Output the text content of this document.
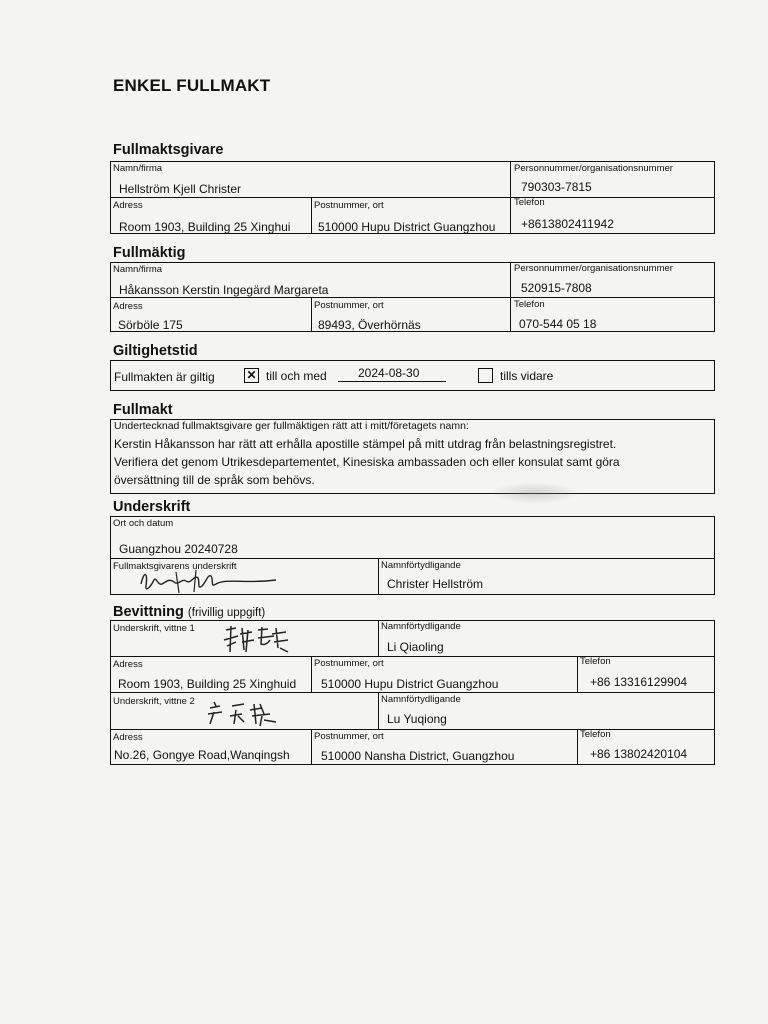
ENKEL FULLMAKT
Fullmaktsgivare
Namn/firma
Hellström Kjell Christer
Personnummer/organisationsnummer
790303-7815
Adress
Room 1903, Building 25 Xinghui
Postnummer, ort
510000 Hupu District Guangzhou
Telefon
+8613802411942
Fullmäktig
Namn/firma
Håkansson Kerstin Ingegärd Margareta
Personnummer/organisationsnummer
520915-7808
Adress
Sörböle 175
Postnummer, ort
89493, Överhörnäs
Telefon
070-544 05 18
Giltighetstid
Fullmakten är giltig	✕ till och med	2024-08-30	tills vidare
Fullmakt
Undertecknad fullmaktsgivare ger fullmäktigen rätt att i mitt/företagets namn:
Kerstin Håkansson har rätt att erhålla apostille stämpel på mitt utdrag från belastningsregistret.
Verifiera det genom Utrikesdepartementet, Kinesiska ambassaden och eller konsulat samt göra
översättning till de språk som behövs.
Underskrift
Ort och datum
Guangzhou 20240728
Fullmaktsgivarens underskrift	Namnförtydligande
Christer Hellström
Bevittning (frivillig uppgift)
Underskrift, vittne 1	Namnförtydligande
Li Qiaoling
Adress
Room 1903, Building 25 Xinghuid
Postnummer, ort
510000 Hupu District Guangzhou
Telefon
+86 13316129904
Underskrift, vittne 2	Namnförtydligande
Lu Yuqiong
Adress
No.26, Gongye Road,Wanqingsh
Postnummer, ort
510000 Nansha District, Guangzhou
Telefon
+86 13802420104
